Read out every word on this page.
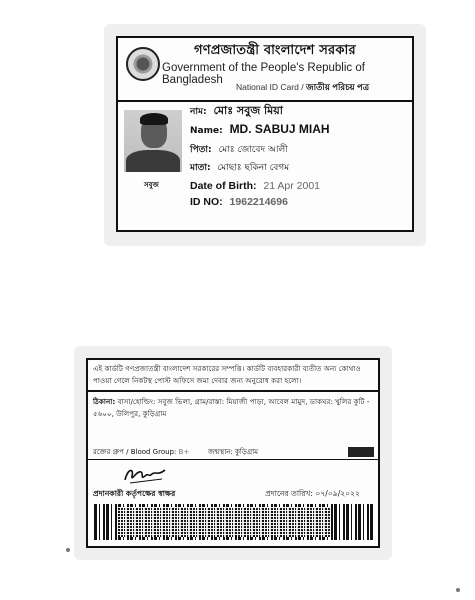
গণপ্রজাতন্ত্রী বাংলাদেশ সরকার
Government of the People's Republic of Bangladesh
National ID Card / জাতীয় পরিচয় পত্র
সবুজ
নাম: মোঃ সবুজ মিয়া
Name: MD. SABUJ MIAH
পিতা: মোঃ জোবেদ আলী
মাতা: মোছাঃ ছকিনা বেগম
Date of Birth: 21 Apr 2001
ID NO: 1962214696
এই কার্ডটি গণপ্রজাতন্ত্রী বাংলাদেশ সরকারের সম্পত্তি। কার্ডটি ব্যবহারকারী ব্যতীত অন্য কোথাও পাওয়া গেলে নিকটস্থ পোস্ট অফিসে জমা দেবার জন্য অনুরোধ করা হলো।
ঠিকানা: বাসা/হোল্ডিং: সবুজ ভিলা, গ্রাম/রাস্তা: মিয়াজী পাড়া, আবেল মামুদ, ডাকঘর: খুলির কুটি - ৫৬০০, উলিপুর, কুড়িগ্রাম
রক্তের গ্রুপ / Blood Group: B+	জন্মস্থান: কুড়িগ্রাম
প্রদানকারী কর্তৃপক্ষের স্বাক্ষর	প্রদানের তারিখ: ০৭/০৯/২০২২
